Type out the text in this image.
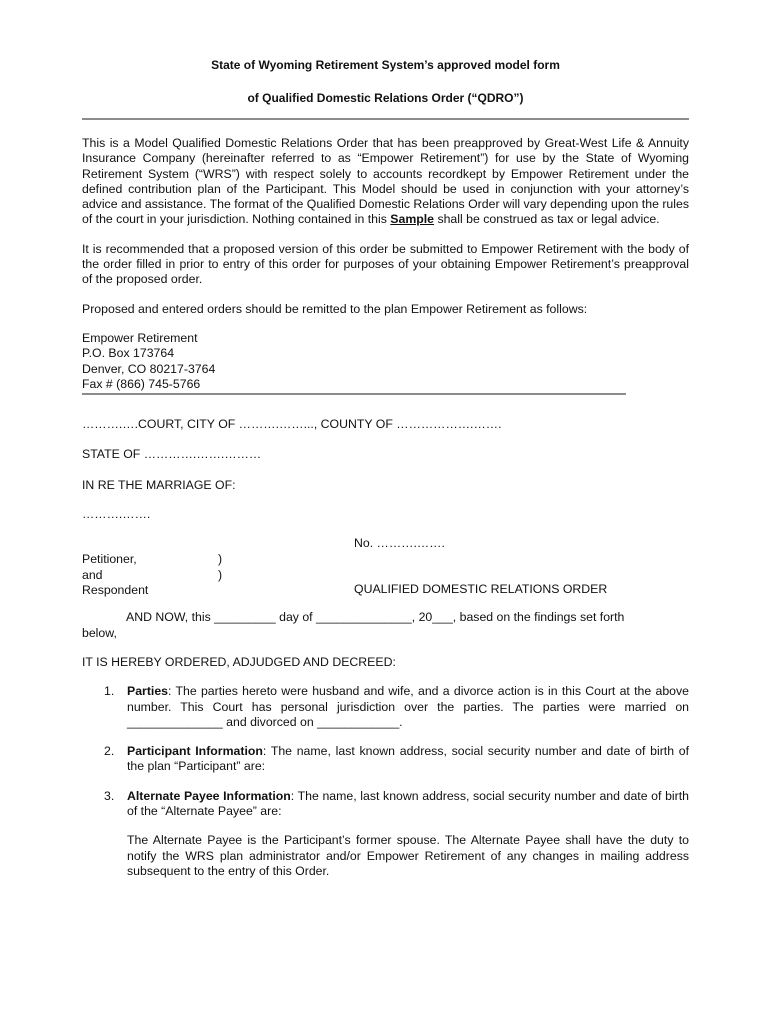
State of Wyoming Retirement System’s approved model form
of Qualified Domestic Relations Order (“QDRO”)

This is a Model Qualified Domestic Relations Order that has been preapproved by Great-West Life & Annuity Insurance Company (hereinafter referred to as “Empower Retirement”) for use by the State of Wyoming Retirement System (“WRS”) with respect solely to accounts recordkept by Empower Retirement under the defined contribution plan of the Participant. This Model should be used in conjunction with your attorney’s advice and assistance. The format of the Qualified Domestic Relations Order will vary depending upon the rules of the court in your jurisdiction. Nothing contained in this Sample shall be construed as tax or legal advice.

It is recommended that a proposed version of this order be submitted to Empower Retirement with the body of the order filled in prior to entry of this order for purposes of your obtaining Empower Retirement’s preapproval of the proposed order.

Proposed and entered orders should be remitted to the plan Empower Retirement as follows:

Empower Retirement
P.O. Box 173764
Denver, CO 80217-3764
Fax # (866) 745-5766
……….….COURT, CITY OF ……….……..., COUNTY OF ……………….…….
STATE OF ………….…….………
IN RE THE MARRIAGE OF:
……….…….
No. ……….…….
Petitioner,
and
Respondent
)
)
QUALIFIED DOMESTIC RELATIONS ORDER
AND NOW, this _________ day of ______________, 20___, based on the findings set forth
below,
IT IS HEREBY ORDERED, ADJUDGED AND DECREED:
1. Parties: The parties hereto were husband and wife, and a divorce action is in this Court at the above number. This Court has personal jurisdiction over the parties. The parties were married on ______________ and divorced on ____________.
2. Participant Information: The name, last known address, social security number and date of birth of the plan “Participant” are:
3. Alternate Payee Information: The name, last known address, social security number and date of birth of the “Alternate Payee” are:
The Alternate Payee is the Participant’s former spouse. The Alternate Payee shall have the duty to notify the WRS plan administrator and/or Empower Retirement of any changes in mailing address subsequent to the entry of this Order.
